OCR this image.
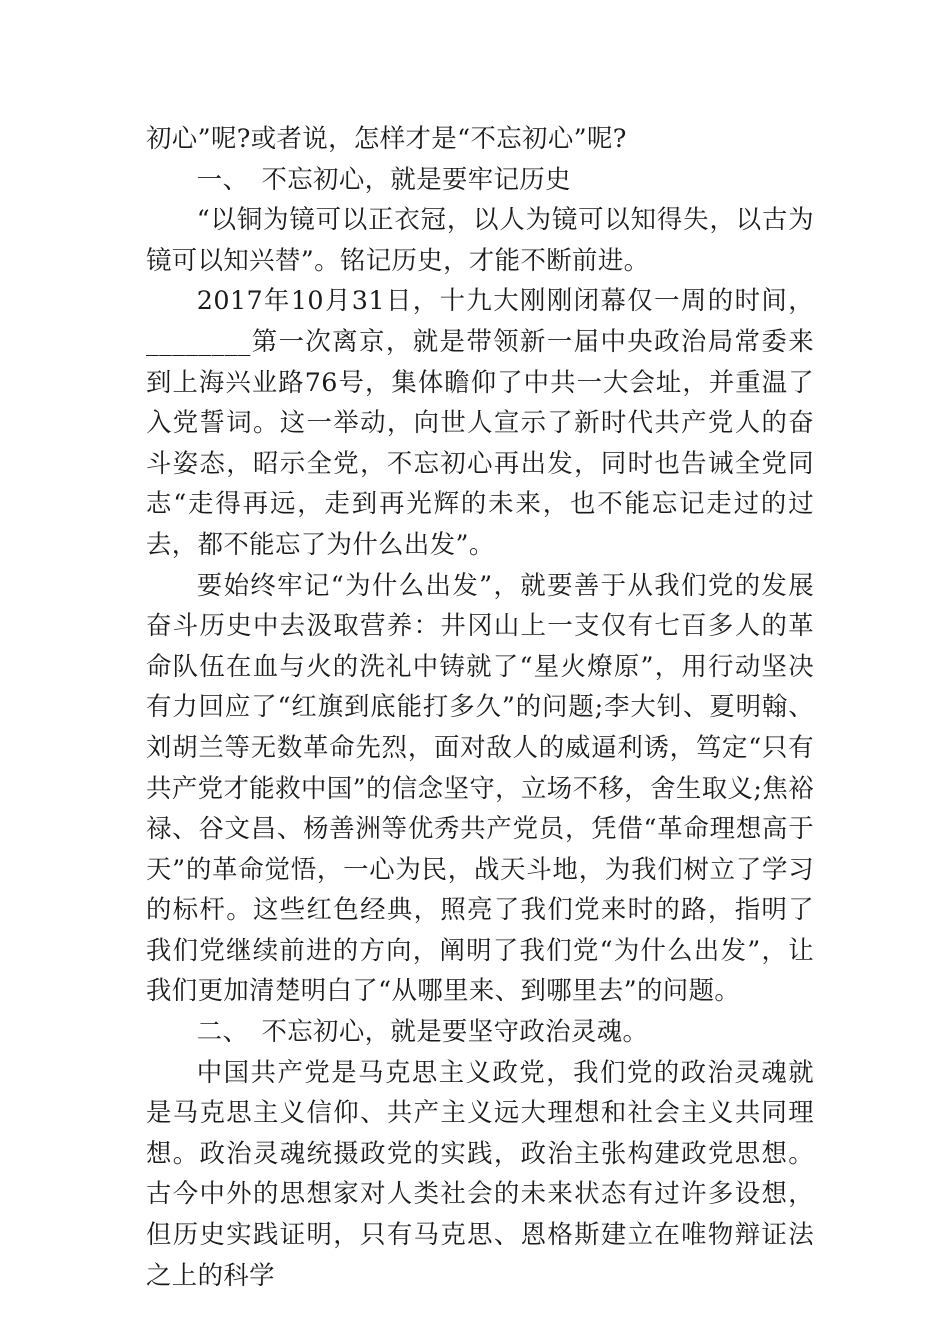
初心”呢?或者说，怎样才是“不忘初心”呢?

一、　不忘初心，就是要牢记历史

“以铜为镜可以正衣冠，以人为镜可以知得失，以古为镜可以知兴替”。铭记历史，才能不断前进。

2017年10月31日，十九大刚刚闭幕仅一周的时间，________第一次离京，就是带领新一届中央政治局常委来到上海兴业路76号，集体瞻仰了中共一大会址，并重温了入党誓词。这一举动，向世人宣示了新时代共产党人的奋斗姿态，昭示全党，不忘初心再出发，同时也告诫全党同志“走得再远，走到再光辉的未来，也不能忘记走过的过去，都不能忘了为什么出发”。

要始终牢记“为什么出发”，就要善于从我们党的发展奋斗历史中去汲取营养：井冈山上一支仅有七百多人的革命队伍在血与火的洗礼中铸就了“星火燎原”，用行动坚决有力回应了“红旗到底能打多久”的问题;李大钊、夏明翰、刘胡兰等无数革命先烈，面对敌人的威逼利诱，笃定“只有共产党才能救中国”的信念坚守，立场不移，舍生取义;焦裕禄、谷文昌、杨善洲等优秀共产党员，凭借“革命理想高于天”的革命觉悟，一心为民，战天斗地，为我们树立了学习的标杆。这些红色经典，照亮了我们党来时的路，指明了我们党继续前进的方向，阐明了我们党“为什么出发”，让我们更加清楚明白了“从哪里来、到哪里去”的问题。

二、　不忘初心，就是要坚守政治灵魂。

中国共产党是马克思主义政党，我们党的政治灵魂就是马克思主义信仰、共产主义远大理想和社会主义共同理想。政治灵魂统摄政党的实践，政治主张构建政党思想。古今中外的思想家对人类社会的未来状态有过许多设想，但历史实践证明，只有马克思、恩格斯建立在唯物辩证法之上的科学
